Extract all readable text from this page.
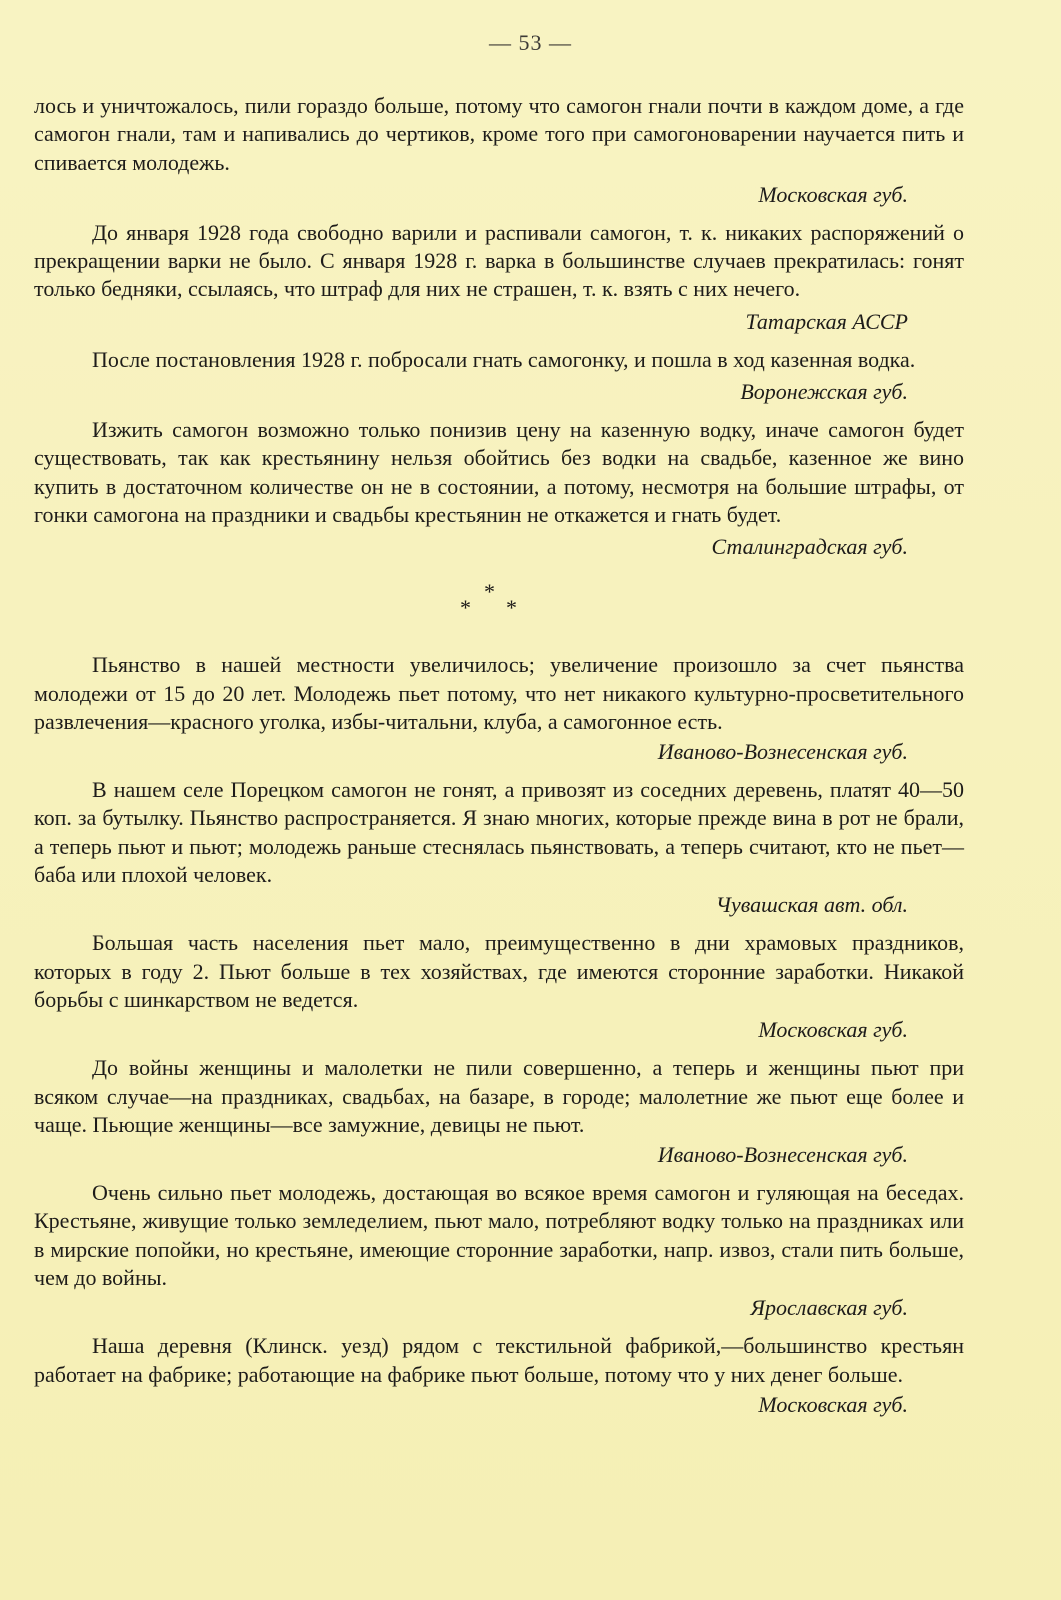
— 53 —

лось и уничтожалось, пили гораздо больше, потому что самогон гнали почти в каждом доме, а где самогон гнали, там и напивались до чертиков, кроме того при самогоноварении научается пить и спивается молодежь.

Московская губ.

До января 1928 года свободно варили и распивали самогон, т. к. никаких распоряжений о прекращении варки не было. С января 1928 г. варка в большинстве случаев прекратилась: гонят только бедняки, ссылаясь, что штраф для них не страшен, т. к. взять с них нечего.

Татарская АССР

После постановления 1928 г. побросали гнать самогонку, и пошла в ход казенная водка.

Воронежская губ.

Изжить самогон возможно только понизив цену на казенную водку, иначе самогон будет существовать, так как крестьянину нельзя обойтись без водки на свадьбе, казенное же вино купить в достаточном количестве он не в состоянии, а потому, несмотря на большие штрафы, от гонки самогона на праздники и свадьбы крестьянин не откажется и гнать будет.

Сталинградская губ.
*
*
*

Пьянство в нашей местности увеличилось; увеличение произошло за счет пьянства молодежи от 15 до 20 лет. Молодежь пьет потому, что нет никакого культурно-просветительного развлечения—красного уголка, избы-читальни, клуба, а самогонное есть.

Иваново-Вознесенская губ.

В нашем селе Порецком самогон не гонят, а привозят из соседних деревень, платят 40—50 коп. за бутылку. Пьянство распространяется. Я знаю многих, которые прежде вина в рот не брали, а теперь пьют и пьют; молодежь раньше стеснялась пьянствовать, а теперь считают, кто не пьет—баба или плохой человек.

Чувашская авт. обл.

Большая часть населения пьет мало, преимущественно в дни храмовых праздников, которых в году 2. Пьют больше в тех хозяйствах, где имеются сторонние заработки. Никакой борьбы с шинкарством не ведется.

Московская губ.

До войны женщины и малолетки не пили совершенно, а теперь и женщины пьют при всяком случае—на праздниках, свадьбах, на базаре, в городе; малолетние же пьют еще более и чаще. Пьющие женщины—все замужние, девицы не пьют.

Иваново-Вознесенская губ.

Очень сильно пьет молодежь, достающая во всякое время самогон и гуляющая на беседах. Крестьяне, живущие только земледелием, пьют мало, потребляют водку только на праздниках или в мирские попойки, но крестьяне, имеющие сторонние заработки, напр. извоз, стали пить больше, чем до войны.

Ярославская губ.

Наша деревня (Клинск. уезд) рядом с текстильной фабрикой,—большинство крестьян работает на фабрике; работающие на фабрике пьют больше, потому что у них денег больше.

Московская губ.
